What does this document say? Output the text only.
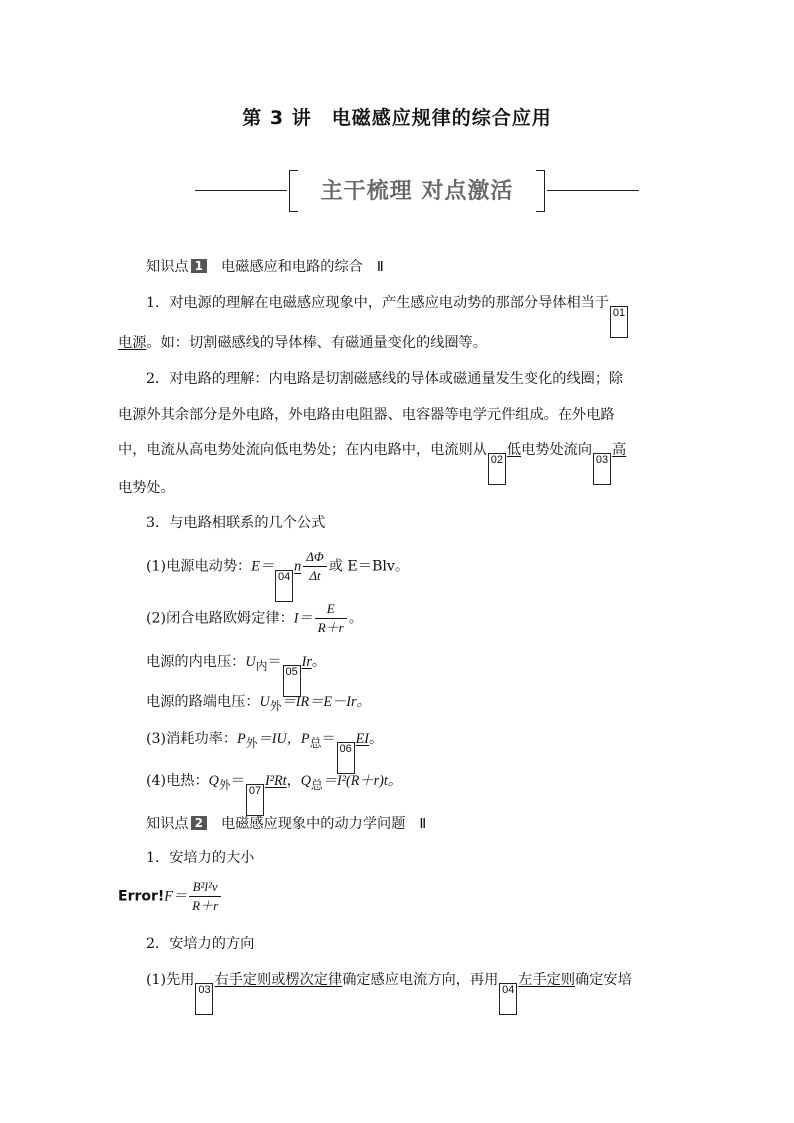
第 3 讲　电磁感应规律的综合应用
主干梳理 对点激活
知识点 1 电磁感应和电路的综合 Ⅱ
1．对电源的理解在电磁感应现象中，产生感应电动势的那部分导体相当于01
电源。如：切割磁感线的导体棒、有磁通量变化的线圈等。
2．对电路的理解：内电路是切割磁感线的导体或磁通量发生变化的线圈；除
电源外其余部分是外电路，外电路由电阻器、电容器等电学元件组成。在外电路
中，电流从高电势处流向低电势处；在内电路中，电流则从02低电势处流向03高
电势处。
3．与电路相联系的几个公式
(1)电源电动势：$E=04n \frac{\Delta\Phi}{\Delta t}$ 或 E＝Blv。
(2)闭合电路欧姆定律：$I= \frac{E}{R+r}$ 。
电源的内电压：$U_内=05Ir$。
电源的路端电压：$U_外=IR=E-Ir$。
(3)消耗功率：$P_外=IU$，$P_总=06EI$。
(4)电热：$Q_外=07I^2Rt$，$Q_总=I^2(R+r)t$。
知识点 2 电磁感应现象中的动力学问题 Ⅱ
1．安培力的大小
Error!F＝ $\frac{\text{B²l²v}}{R+r}$
2．安培力的方向
(1)先用03右手定则或楞次定律确定感应电流方向，再用04左手定则确定安培
